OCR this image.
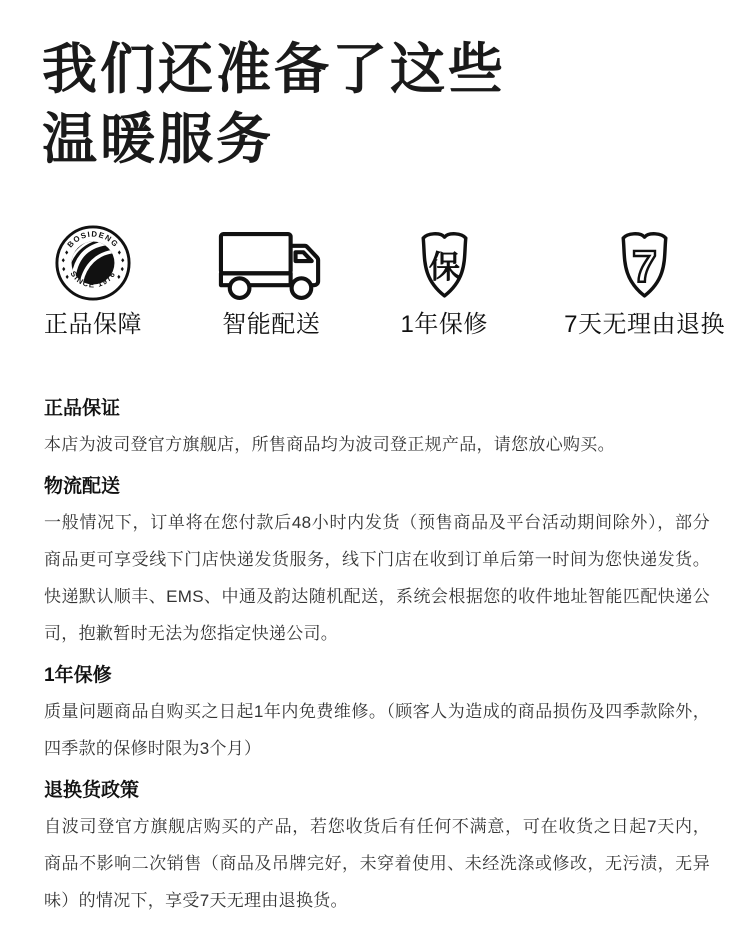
我们还准备了这些
温暖服务
BOSIDENG
SINCE 1976
正品保障	智能配送
保
1年保修
7
7天无理由退换
正品保证

本店为波司登官方旗舰店，所售商品均为波司登正规产品，请您放心购买。

物流配送

一般情况下，订单将在您付款后48小时内发货（预售商品及平台活动期间除外），部分商品更可享受线下门店快递发货服务，线下门店在收到订单后第一时间为您快递发货。快递默认顺丰、EMS、中通及韵达随机配送，系统会根据您的收件地址智能匹配快递公司，抱歉暂时无法为您指定快递公司。

1年保修

质量问题商品自购买之日起1年内免费维修。（顾客人为造成的商品损伤及四季款除外，四季款的保修时限为3个月）

退换货政策

自波司登官方旗舰店购买的产品，若您收货后有任何不满意，可在收货之日起7天内，商品不影响二次销售（商品及吊牌完好，未穿着使用、未经洗涤或修改，无污渍，无异味）的情况下，享受7天无理由退换货。
